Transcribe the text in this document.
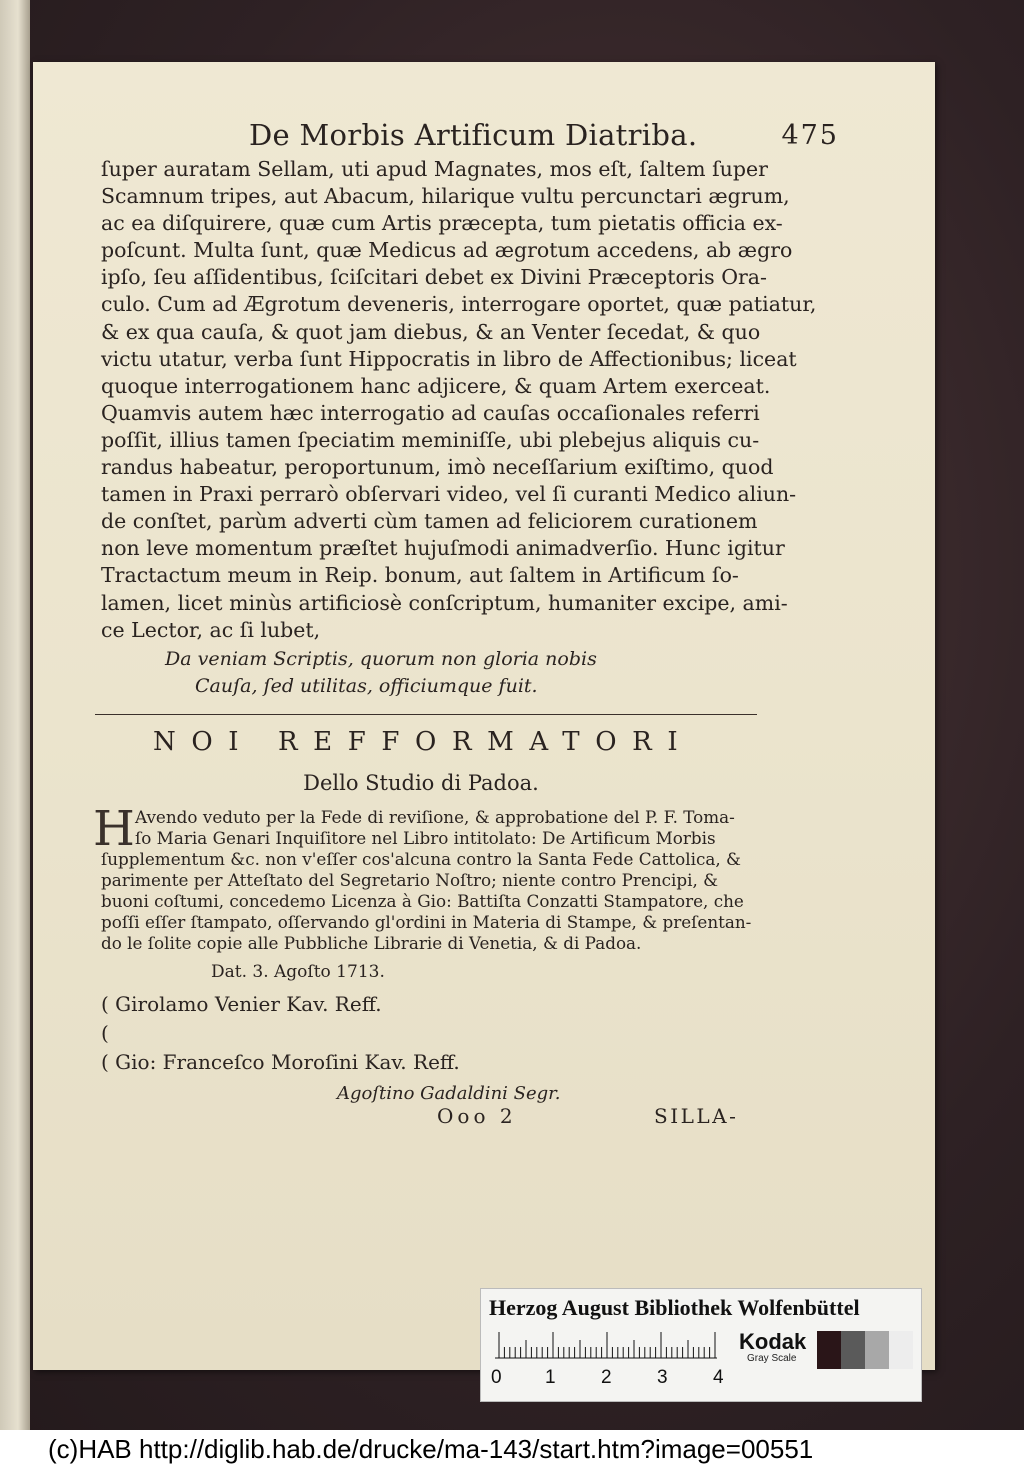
De Morbis Artificum Diatriba.	475
ſuper auratam Sellam, uti apud Magnates, mos eſt, ſaltem ſuper
Scamnum tripes, aut Abacum, hilarique vultu percunctari ægrum,
ac ea diſquirere, quæ cum Artis præcepta, tum pietatis officia ex-
poſcunt. Multa ſunt, quæ Medicus ad ægrotum accedens, ab ægro
ipſo, ſeu aſſidentibus, ſciſcitari debet ex Divini Præceptoris Ora-
culo. Cum ad Ægrotum deveneris, interrogare oportet, quæ patiatur,
& ex qua cauſa, & quot jam diebus, & an Venter ſecedat, & quo
victu utatur, verba ſunt Hippocratis in libro de Affectionibus; liceat
quoque interrogationem hanc adjicere, & quam Artem exerceat.
Quamvis autem hæc interrogatio ad cauſas occaſionales referri
poſſit, illius tamen ſpeciatim meminiſſe, ubi plebejus aliquis cu-
randus habeatur, peroportunum, imò neceſſarium exiſtimo, quod
tamen in Praxi perrarò obſervari video, vel ſi curanti Medico aliun-
de conſtet, parùm adverti cùm tamen ad feliciorem curationem
non leve momentum præſtet hujuſmodi animadverſio. Hunc igitur
Tractactum meum in Reip. bonum, aut ſaltem in Artificum ſo-
lamen, licet minùs artificiosè conſcriptum, humaniter excipe, ami-
ce Lector, ac ſi lubet,
Da veniam Scriptis, quorum non gloria nobis
Cauſa, ſed utilitas, officiumque fuit.
NOI REFFORMATORI
Dello Studio di Padoa.
H Avendo veduto per la Fede di reviſione, & approbatione del P. F. Toma-
ſo Maria Genari Inquiſitore nel Libro intitolato: De Artificum Morbis
ſupplementum &c. non v'eſſer cos'alcuna contro la Santa Fede Cattolica, &
parimente per Atteſtato del Segretario Noſtro; niente contro Prencipi, &
buoni coſtumi, concedemo Licenza à Gio: Battiſta Conzatti Stampatore, che
poſſi eſſer ſtampato, oſſervando gl'ordini in Materia di Stampe, & preſentan-
do le ſolite copie alle Pubbliche Librarie di Venetia, & di Padoa.
Dat. 3. Agoſto 1713.
( Girolamo Venier Kav. Reff.
(
( Gio: Franceſco Moroſini Kav. Reff.
Agoſtino Gadaldini Segr.
Ooo 2	SILLA-
Herzog August Bibliothek Wolfenbüttel
0 1 2 3 4
Kodak
Gray Scale
(c)HAB http://diglib.hab.de/drucke/ma-143/start.htm?image=00551
